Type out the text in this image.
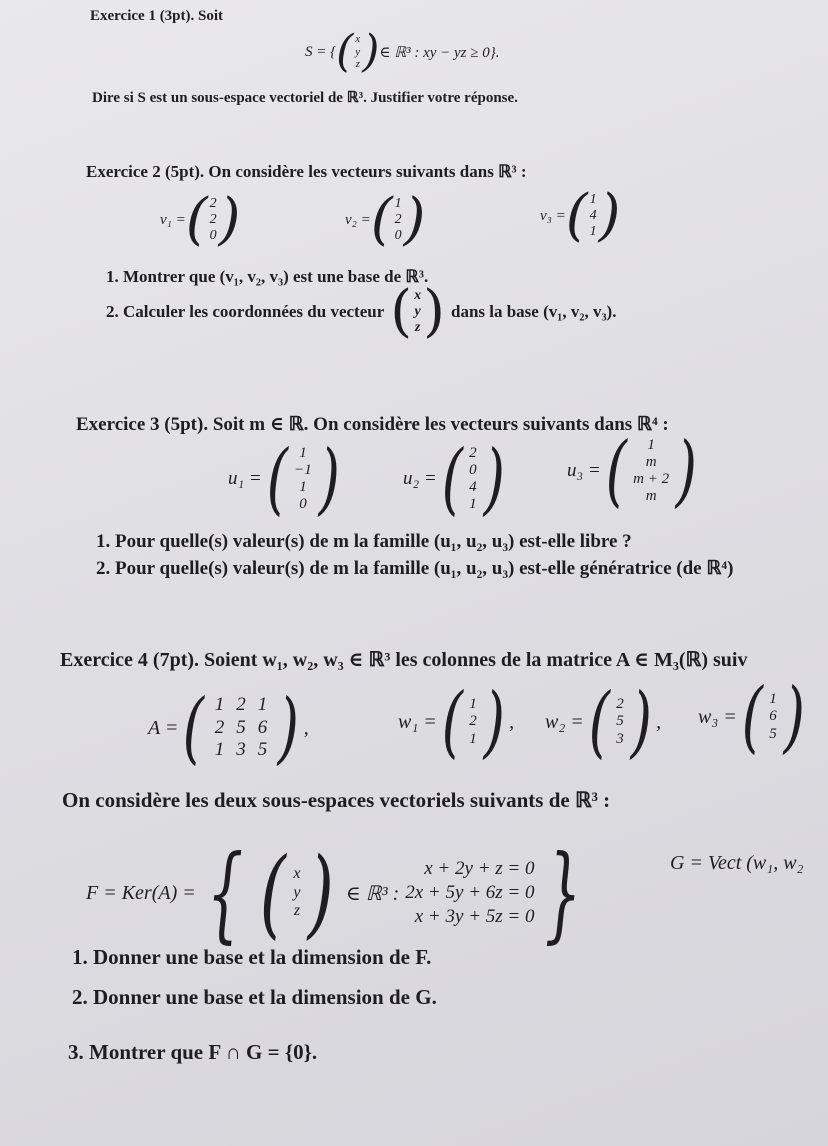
Exercice 1 (3pt). Soit
S = { ( x
y
z ) ∈ ℝ³ : xy − yz ≥ 0}.
Dire si S est un sous-espace vectoriel de ℝ³. Justifier votre réponse.
Exercice 2 (5pt). On considère les vecteurs suivants dans ℝ³ :
v₁ = ( 2
2
0 )	v₂ = ( 1
2
0 )	v₃ = ( 1
4
1 )
1. Montrer que (v₁, v₂, v₃) est une base de ℝ³.
2. Calculer les coordonnées du vecteur ( x
y
z ) dans la base (v₁, v₂, v₃).
Exercice 3 (5pt). Soit m ∈ ℝ. On considère les vecteurs suivants dans ℝ⁴ :
u₁ = ( 1
−1
1
0 )	u₂ = ( 2
0
4
1 )	u₃ = ( 1
m
m + 2
m )
1. Pour quelle(s) valeur(s) de m la famille (u₁, u₂, u₃) est-elle libre ?
2. Pour quelle(s) valeur(s) de m la famille (u₁, u₂, u₃) est-elle génératrice (de ℝ⁴)
Exercice 4 (7pt). Soient w₁, w₂, w₃ ∈ ℝ³ les colonnes de la matrice A ∈ M₃(ℝ) suiv
A = ( 1	2	1
2	5	6
1	3	5 ) ,	w₁ = ( 1
2
1 ) , w₂ = ( 2
5
3 ) , w₃ = ( 1
6
5 )
On considère les deux sous-espaces vectoriels suivants de ℝ³ :
F = Ker(A) = { ( x
y
z ) ∈ ℝ³ :
x + 2y + z = 0
2x + 5y + 6z = 0
x + 3y + 5z = 0 }	G = Vect (w₁, w₂
1. Donner une base et la dimension de F.
2. Donner une base et la dimension de G.
3. Montrer que F ∩ G = {0}.
